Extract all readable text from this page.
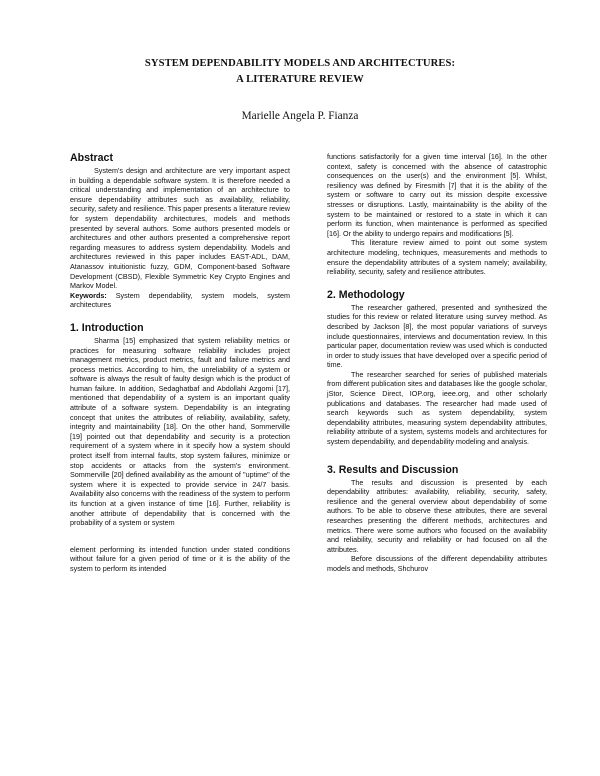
SYSTEM DEPENDABILITY MODELS AND ARCHITECTURES:
A LITERATURE REVIEW
Marielle Angela P. Fianza
Abstract

System's design and architecture are very important aspect in building a dependable software system. It is therefore needed a critical understanding and implementation of an architecture to ensure dependability attributes such as availability, reliability, security, safety and resilience. This paper presents a literature review for system dependability architectures, models and methods presented by several authors. Some authors presented models or architectures and other authors presented a comprehensive report regarding measures to address system dependability. Models and architectures reviewed in this paper includes EAST-ADL, DAM, Atanassov intuitionistic fuzzy, GDM, Component-based Software Development (CBSD), Flexible Symmetric Key Crypto Engines and Markov Model.

Keywords: System dependability, system models, system architectures

1. Introduction

Sharma [15] emphasized that system reliability metrics or practices for measuring software reliability includes project management metrics, product metrics, fault and failure metrics and process metrics. According to him, the unreliability of a system or software is always the result of faulty design which is the product of human failure. In addition, Sedaghatbaf and Abdollahi Azgomi [17], mentioned that dependability of a system is an important quality attribute of a software system. Dependability is an integrating concept that unites the attributes of reliability, availability, safety, integrity and maintainability [18]. On the other hand, Sommerville [19] pointed out that dependability and security is a protection requirement of a system where in it specify how a system should protect itself from internal faults, stop system failures, minimize or stop accidents or attacks from the system's environment. Sommerville [20] defined availability as the amount of "uptime" of the system where it is expected to provide service in 24/7 basis. Availability also concerns with the readiness of the system to perform its function at a given instance of time [16]. Further, reliability is another attribute of dependability that is concerned with the probability of a system or system

element performing its intended function under stated conditions without failure for a given period of time or it is the ability of the system to perform its intended

functions satisfactorily for a given time interval [16]. In the other context, safety is concerned with the absence of catastrophic consequences on the user(s) and the environment [5]. Whilst, resiliency was defined by Firesmith [7] that it is the ability of the system or software to carry out its mission despite excessive stresses or disruptions. Lastly, maintainability is the ability of the system to be maintained or restored to a state in which it can perform its function, when maintenance is performed as specified [16]. Or the ability to undergo repairs and modifications [5].

This literature review aimed to point out some system architecture modeling, techniques, measurements and methods to ensure the dependability attributes of a system namely; availability, reliability, security, safety and resilience attributes.

2. Methodology

The researcher gathered, presented and synthesized the studies for this review or related literature using survey method. As described by Jackson [8], the most popular variations of surveys include questionnaires, interviews and documentation review. In this particular paper, documentation review was used which is conducted in order to study issues that have developed over a specific period of time.

The researcher searched for series of published materials from different publication sites and databases like the google scholar, jStor, Science Direct, IOP.org, ieee.org, and other scholarly publications and databases. The researcher had made used of search keywords such as system dependability, system dependability attributes, measuring system dependability attributes, reliability attribute of a system, systems models and architectures for system dependability, and dependability modeling and analysis.

3. Results and Discussion

The results and discussion is presented by each dependability attributes: availability, reliability, security, safety, resilience and the general overview about dependability of some authors. To be able to observe these attributes, there are several researches presenting the different methods, architectures and metrics. There were some authors who focused on the availability and reliability, security and reliability or had focused on all the attributes.

Before discussions of the different dependability attributes models and methods, Shchurov
